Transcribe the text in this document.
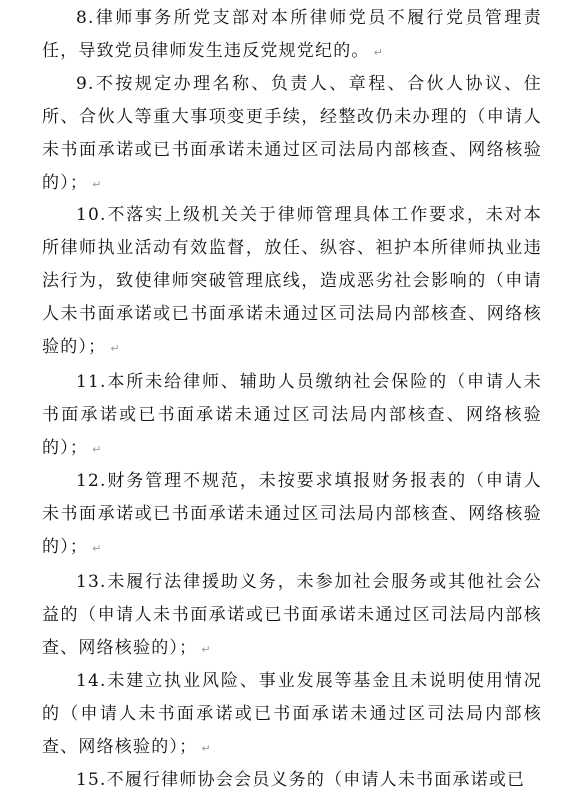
8.律师事务所党支部对本所律师党员不履行党员管理责任，导致党员律师发生违反党规党纪的。 ↵

9.不按规定办理名称、负责人、章程、合伙人协议、住所、合伙人等重大事项变更手续，经整改仍未办理的（申请人未书面承诺或已书面承诺未通过区司法局内部核查、网络核验的）； ↵

10.不落实上级机关关于律师管理具体工作要求，未对本所律师执业活动有效监督，放任、纵容、袒护本所律师执业违法行为，致使律师突破管理底线，造成恶劣社会影响的（申请人未书面承诺或已书面承诺未通过区司法局内部核查、网络核验的）； ↵

11.本所未给律师、辅助人员缴纳社会保险的（申请人未书面承诺或已书面承诺未通过区司法局内部核查、网络核验的）； ↵

12.财务管理不规范，未按要求填报财务报表的（申请人未书面承诺或已书面承诺未通过区司法局内部核查、网络核验的）； ↵

13.未履行法律援助义务，未参加社会服务或其他社会公益的（申请人未书面承诺或已书面承诺未通过区司法局内部核查、网络核验的）； ↵

14.未建立执业风险、事业发展等基金且未说明使用情况的（申请人未书面承诺或已书面承诺未通过区司法局内部核查、网络核验的）； ↵

15.不履行律师协会会员义务的（申请人未书面承诺或已
